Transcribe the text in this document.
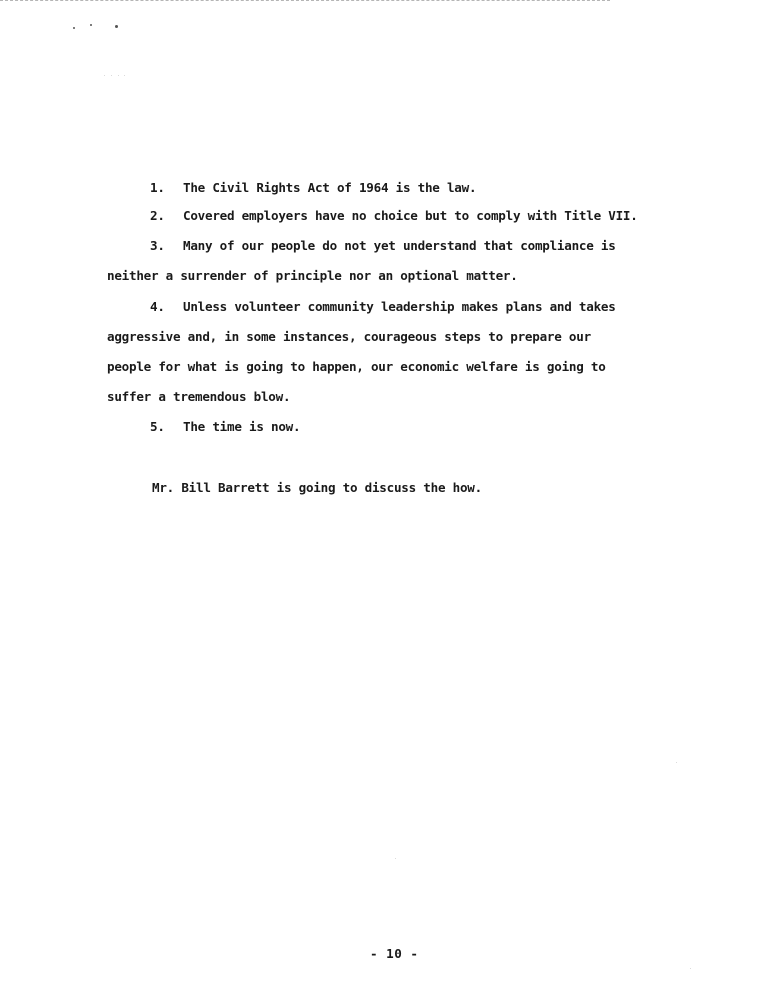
1. The Civil Rights Act of 1964 is the law.
2. Covered employers have no choice but to comply with Title VII.
3. Many of our people do not yet understand that compliance is
neither a surrender of principle nor an optional matter.
4. Unless volunteer community leadership makes plans and takes
aggressive and, in some instances, courageous steps to prepare our
people for what is going to happen, our economic welfare is going to
suffer a tremendous blow.
5. The time is now.
Mr. Bill Barrett is going to discuss the how.
- 10 -
